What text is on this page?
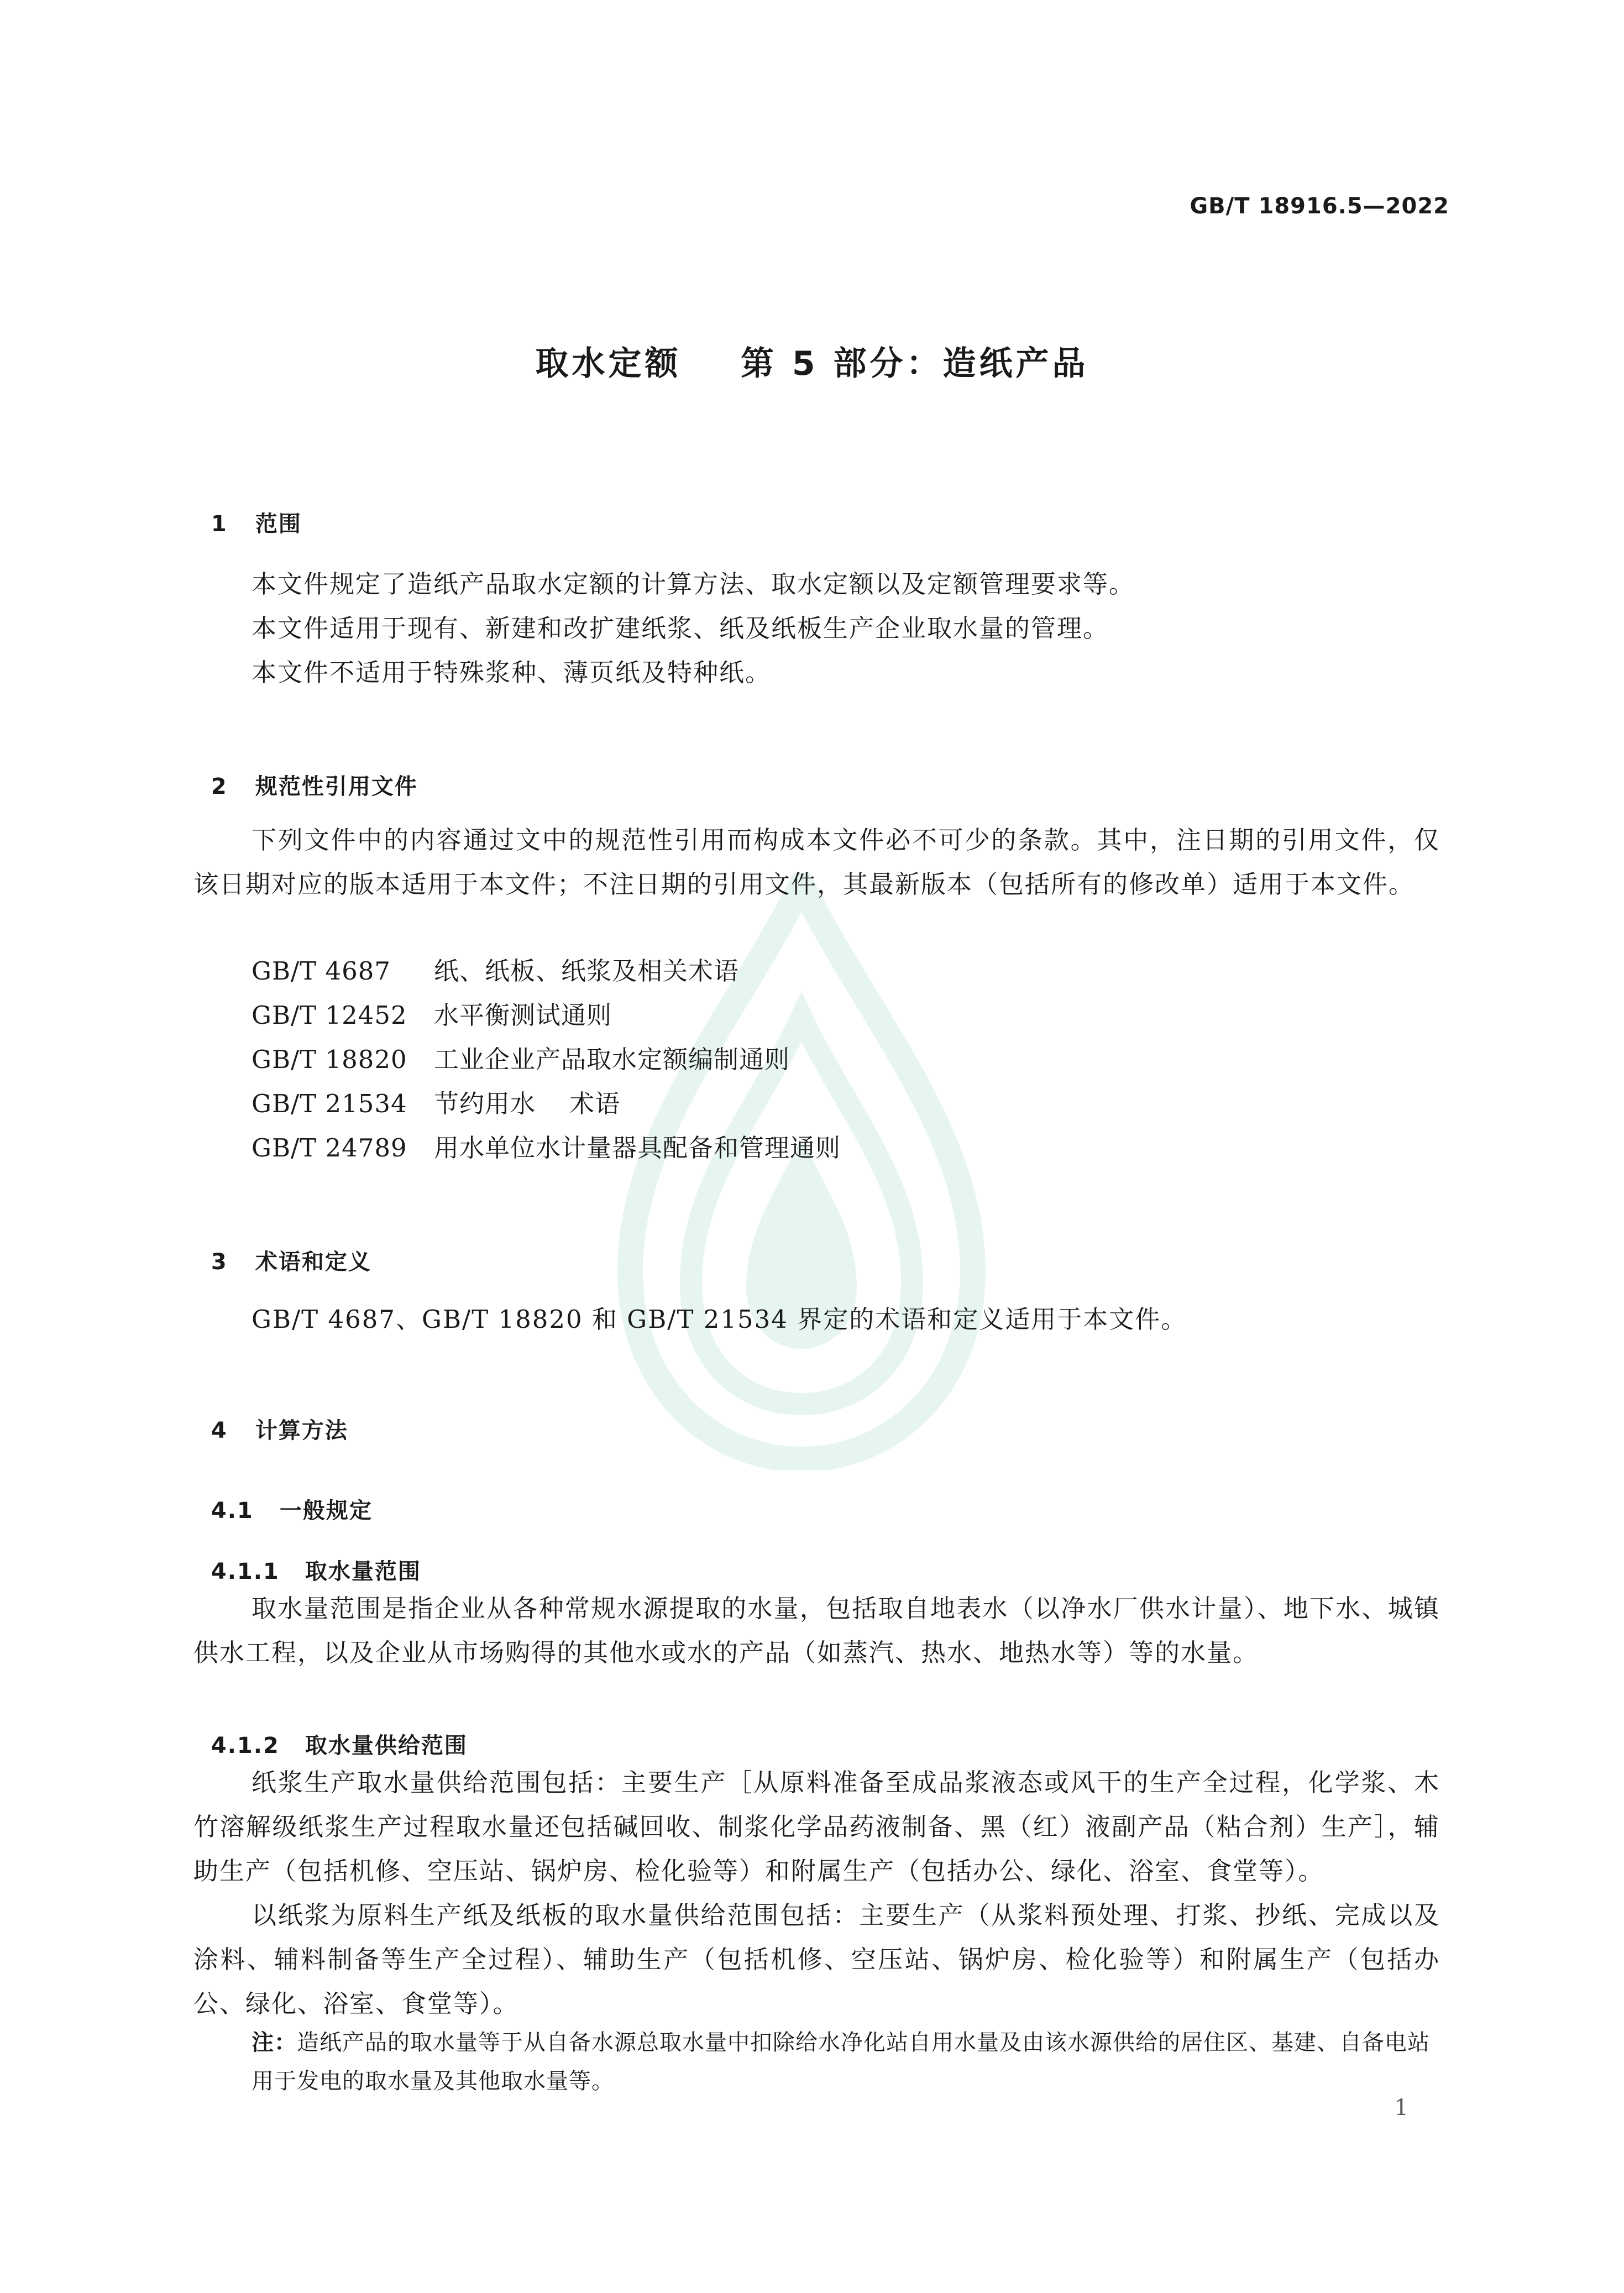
GB/T 18916.5—2022
取水定额    第 5 部分：造纸产品

1 范围

本文件规定了造纸产品取水定额的计算方法、取水定额以及定额管理要求等。
本文件适用于现有、新建和改扩建纸浆、纸及纸板生产企业取水量的管理。
本文件不适用于特殊浆种、薄页纸及特种纸。

2 规范性引用文件

下列文件中的内容通过文中的规范性引用而构成本文件必不可少的条款。其中，注日期的引用文件，仅该日期对应的版本适用于本文件；不注日期的引用文件，其最新版本（包括所有的修改单）适用于本文件。
GB/T 4687 纸、纸板、纸浆及相关术语
GB/T 12452 水平衡测试通则
GB/T 18820 工业企业产品取水定额编制通则
GB/T 21534 节约用水    术语
GB/T 24789 用水单位水计量器具配备和管理通则

3 术语和定义

GB/T 4687、GB/T 18820 和 GB/T 21534 界定的术语和定义适用于本文件。

4 计算方法

4.1 一般规定

4.1.1 取水量范围

取水量范围是指企业从各种常规水源提取的水量，包括取自地表水（以净水厂供水计量）、地下水、城镇供水工程，以及企业从市场购得的其他水或水的产品（如蒸汽、热水、地热水等）等的水量。

4.1.2 取水量供给范围

纸浆生产取水量供给范围包括：主要生产［从原料准备至成品浆液态或风干的生产全过程，化学浆、木竹溶解级纸浆生产过程取水量还包括碱回收、制浆化学品药液制备、黑（红）液副产品（粘合剂）生产］，辅助生产（包括机修、空压站、锅炉房、检化验等）和附属生产（包括办公、绿化、浴室、食堂等）。
以纸浆为原料生产纸及纸板的取水量供给范围包括：主要生产（从浆料预处理、打浆、抄纸、完成以及涂料、辅料制备等生产全过程）、辅助生产（包括机修、空压站、锅炉房、检化验等）和附属生产（包括办公、绿化、浴室、食堂等）。
注：造纸产品的取水量等于从自备水源总取水量中扣除给水净化站自用水量及由该水源供给的居住区、基建、自备电站用于发电的取水量及其他取水量等。
1
